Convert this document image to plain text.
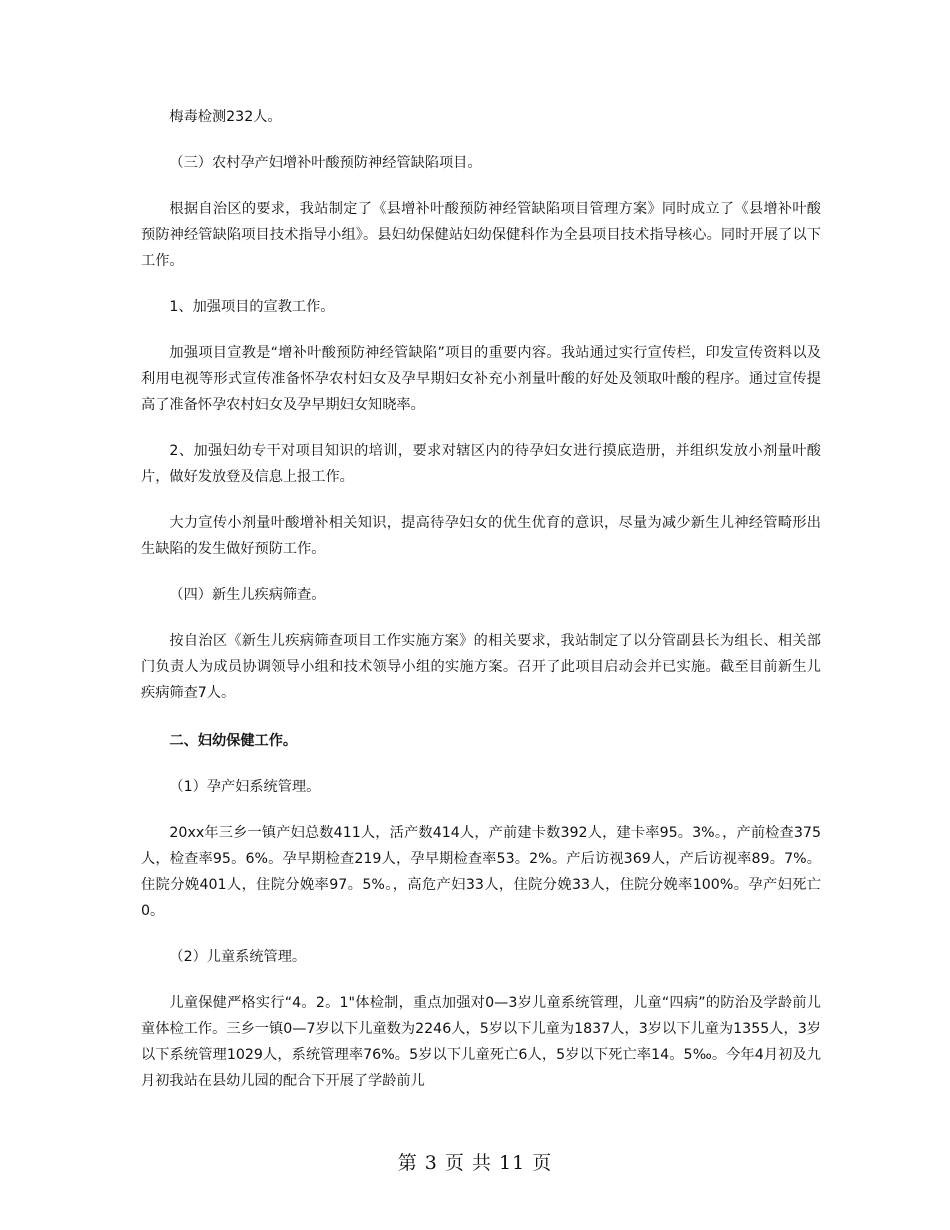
梅毒检测232人。

（三）农村孕产妇增补叶酸预防神经管缺陷项目。

根据自治区的要求，我站制定了《县增补叶酸预防神经管缺陷项目管理方案》同时成立了《县增补叶酸预防神经管缺陷项目技术指导小组》。县妇幼保健站妇幼保健科作为全县项目技术指导核心。同时开展了以下工作。

1、加强项目的宣教工作。

加强项目宣教是“增补叶酸预防神经管缺陷”项目的重要内容。我站通过实行宣传栏，印发宣传资料以及利用电视等形式宣传准备怀孕农村妇女及孕早期妇女补充小剂量叶酸的好处及领取叶酸的程序。通过宣传提高了准备怀孕农村妇女及孕早期妇女知晓率。

2、加强妇幼专干对项目知识的培训，要求对辖区内的待孕妇女进行摸底造册，并组织发放小剂量叶酸片，做好发放登及信息上报工作。

大力宣传小剂量叶酸增补相关知识，提高待孕妇女的优生优育的意识，尽量为减少新生儿神经管畸形出生缺陷的发生做好预防工作。

（四）新生儿疾病筛查。

按自治区《新生儿疾病筛查项目工作实施方案》的相关要求，我站制定了以分管副县长为组长、相关部门负责人为成员协调领导小组和技术领导小组的实施方案。召开了此项目启动会并已实施。截至目前新生儿疾病筛查7人。

二、妇幼保健工作。

（1）孕产妇系统管理。

20xx年三乡一镇产妇总数411人，活产数414人，产前建卡数392人，建卡率95。3%。，产前检查375人，检查率95。6%。孕早期检查219人，孕早期检查率53。2%。产后访视369人，产后访视率89。7%。住院分娩401人，住院分娩率97。5%。，高危产妇33人，住院分娩33人，住院分娩率100%。孕产妇死亡0。

（2）儿童系统管理。

儿童保健严格实行“4。2。1"体检制，重点加强对0—3岁儿童系统管理，儿童“四病”的防治及学龄前儿童体检工作。三乡一镇0—7岁以下儿童数为2246人，5岁以下儿童为1837人，3岁以下儿童为1355人，3岁以下系统管理1029人，系统管理率76%。5岁以下儿童死亡6人，5岁以下死亡率14。5‰。今年4月初及九月初我站在县幼儿园的配合下开展了学龄前儿

第 3 页 共 11 页
